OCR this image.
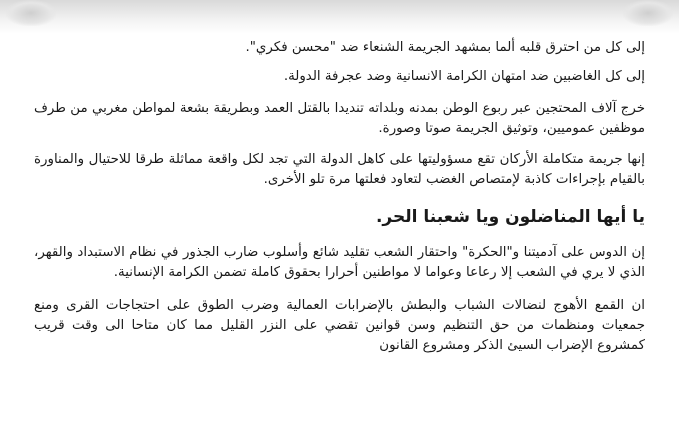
إلى كل من احترق قلبه ألما بمشهد الجريمة الشنعاء ضد "محسن فكري".

إلى كل الغاضبين ضد امتهان الكرامة الانسانية وضد عجرفة الدولة.

خرج آلاف المحتجين عبر ربوع الوطن بمدنه وبلداته تنديدا بالقتل العمد وبطريقة بشعة لمواطن مغربي من طرف موظفين عموميين، وتوثيق الجريمة صوتا وصورة.

إنها جريمة متكاملة الأركان تقع مسؤوليتها على كاهل الدولة التي تجد لكل واقعة مماثلة طرقا للاحتيال والمناورة بالقيام بإجراءات كاذبة لإمتصاص الغضب لتعاود فعلتها مرة تلو الأخرى.

يا أيها المناضلون ويا شعبنا الحر.

إن الدوس على آدميتنا و"الحكرة" واحتقار الشعب تقليد شائع وأسلوب ضارب الجذور في نظام الاستبداد والقهر، الذي لا يري في الشعب إلا رعاعا وعواما لا مواطنين أحرارا بحقوق كاملة تضمن الكرامة الإنسانية.

ان القمع الأهوج لنضالات الشباب والبطش بالإضرابات العمالية وضرب الطوق على احتجاجات القرى ومنع جمعيات ومنظمات من حق التنظيم وسن قوانين تقضي على النزر القليل مما كان متاحا الى وقت قريب كمشروع الإضراب السيئ الذكر ومشروع القانون
